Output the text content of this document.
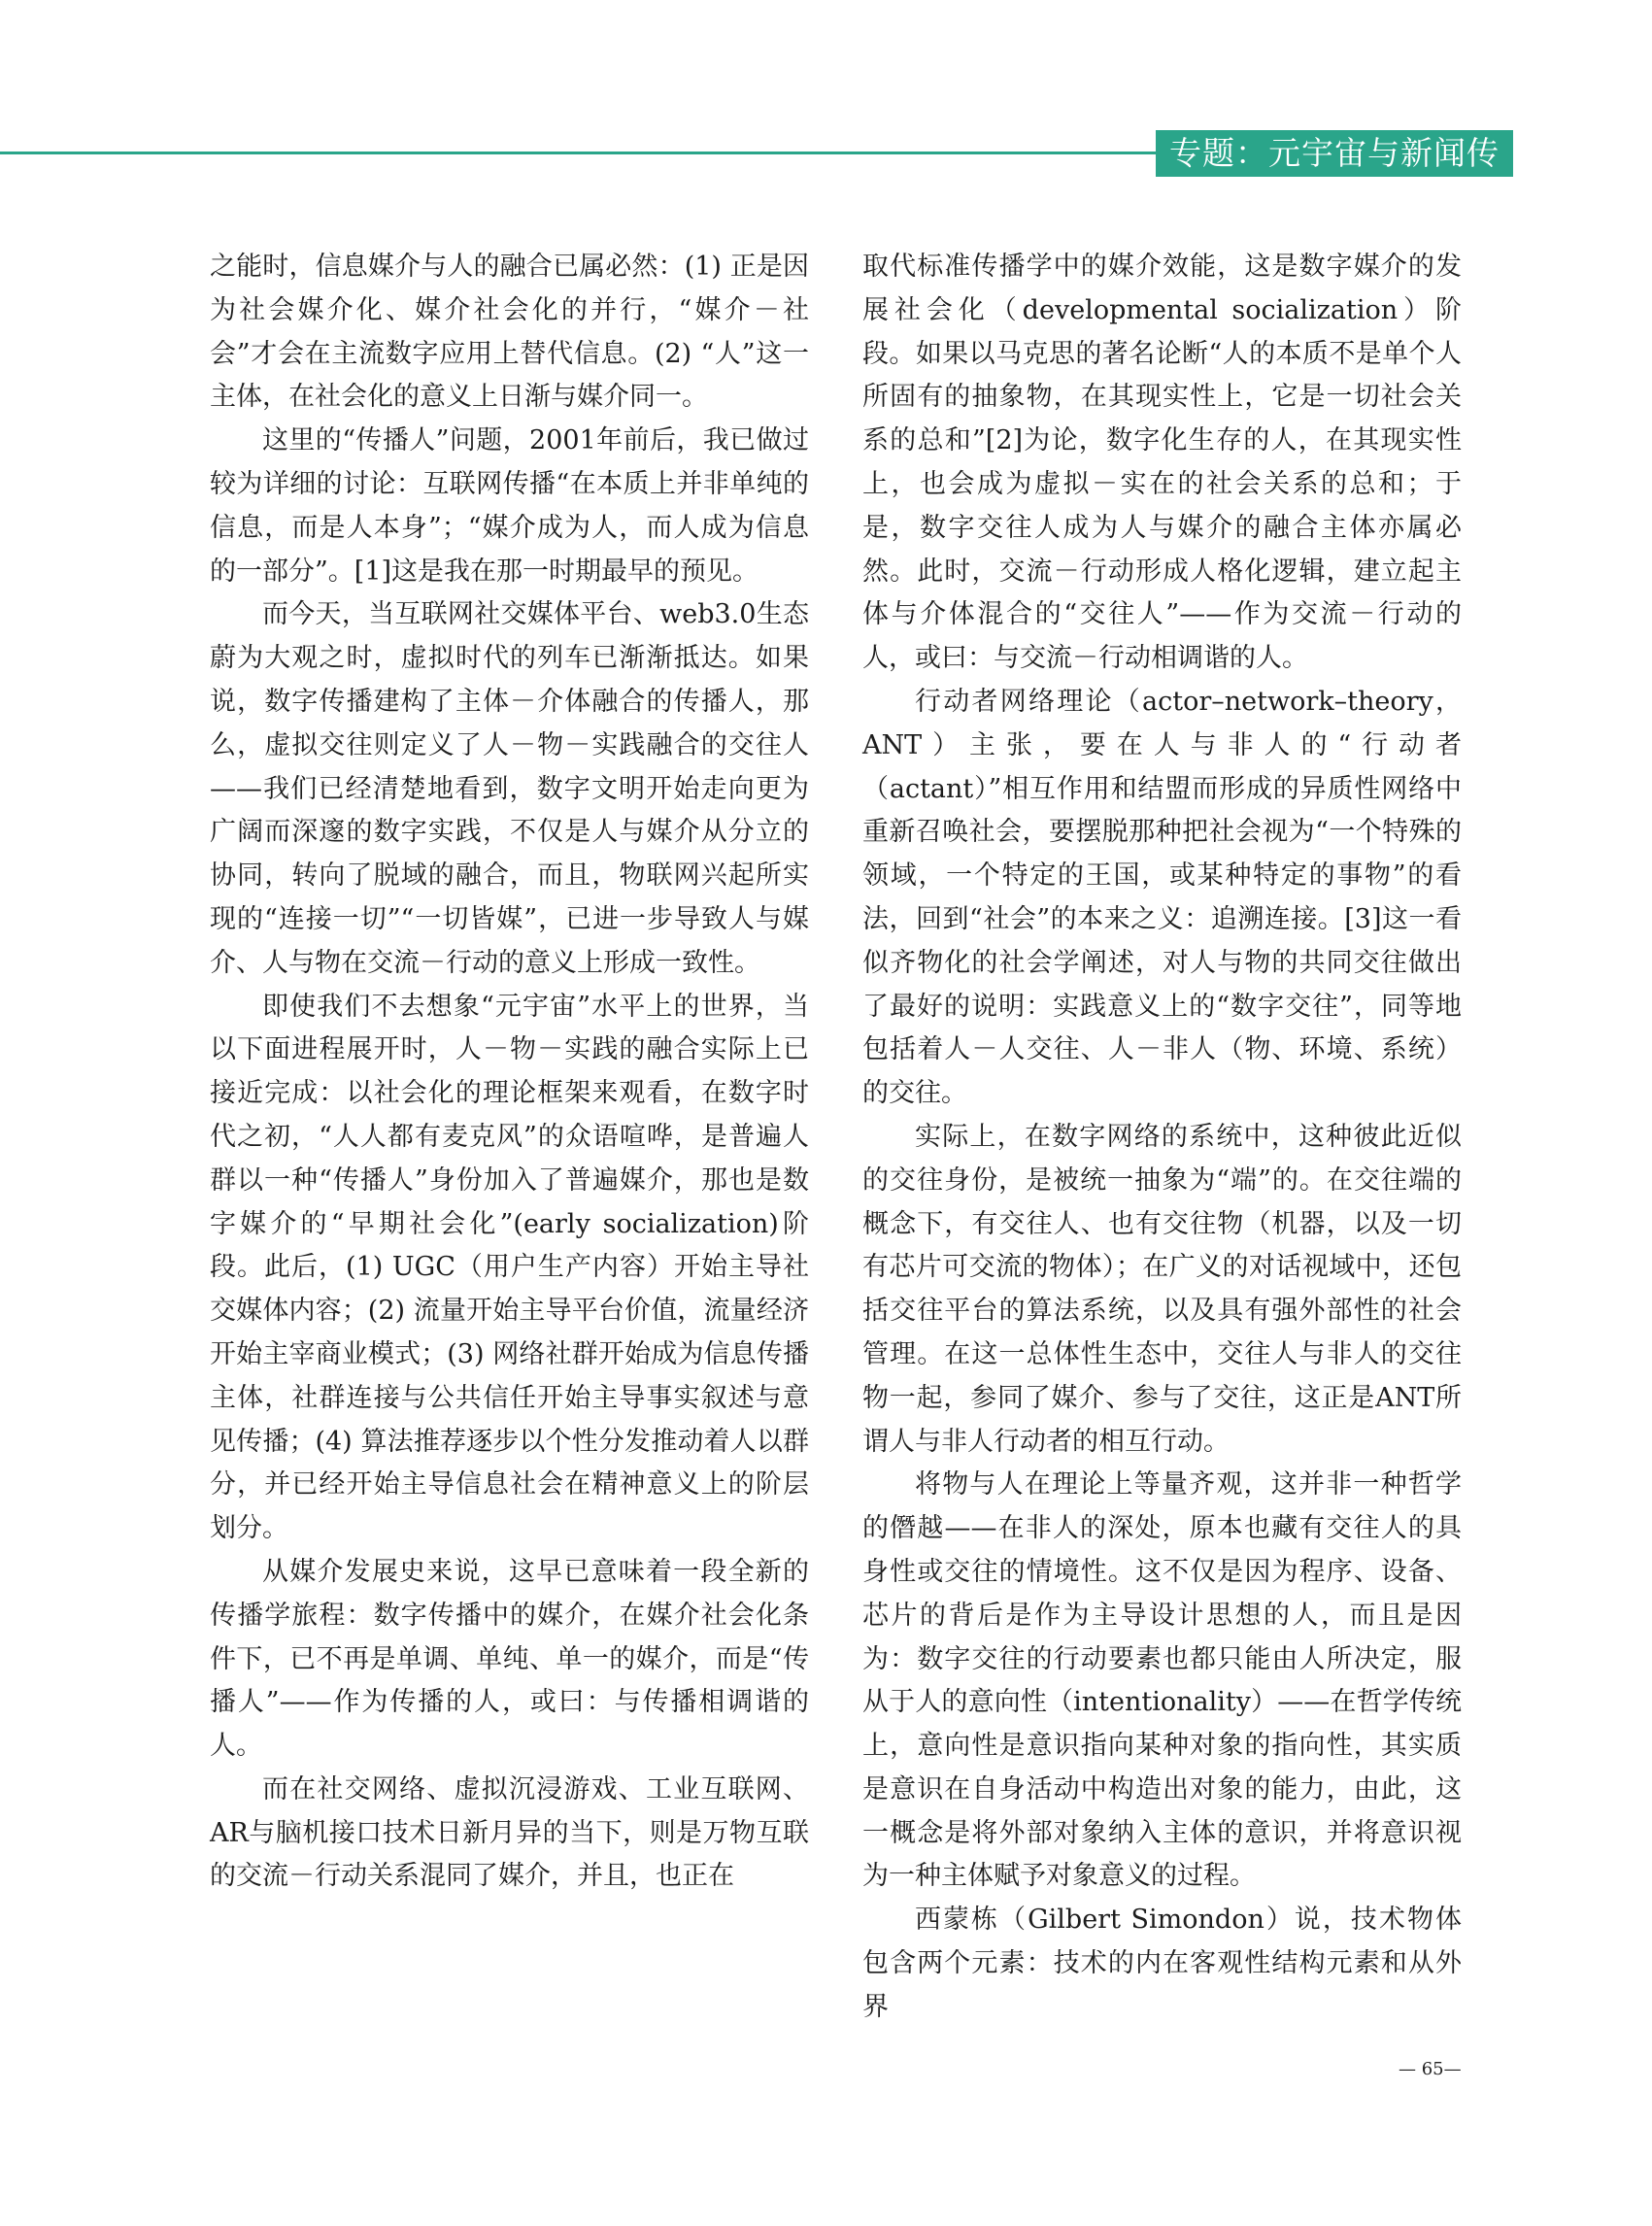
专题：元宇宙与新闻传播

之能时，信息媒介与人的融合已属必然：(1) 正是因为社会媒介化、媒介社会化的并行，“媒介－社会”才会在主流数字应用上替代信息。(2) “人”这一主体，在社会化的意义上日渐与媒介同一。

这里的“传播人”问题，2001年前后，我已做过较为详细的讨论：互联网传播“在本质上并非单纯的信息，而是人本身”；“媒介成为人，而人成为信息的一部分”。[1]这是我在那一时期最早的预见。

而今天，当互联网社交媒体平台、web3.0生态蔚为大观之时，虚拟时代的列车已渐渐抵达。如果说，数字传播建构了主体－介体融合的传播人，那么，虚拟交往则定义了人－物－实践融合的交往人——我们已经清楚地看到，数字文明开始走向更为广阔而深邃的数字实践，不仅是人与媒介从分立的协同，转向了脱域的融合，而且，物联网兴起所实现的“连接一切”“一切皆媒”，已进一步导致人与媒介、人与物在交流－行动的意义上形成一致性。

即使我们不去想象“元宇宙”水平上的世界，当以下面进程展开时，人－物－实践的融合实际上已接近完成：以社会化的理论框架来观看，在数字时代之初，“人人都有麦克风”的众语喧哗，是普遍人群以一种“传播人”身份加入了普遍媒介，那也是数字媒介的“早期社会化”(early socialization)阶段。此后，(1) UGC（用户生产内容）开始主导社交媒体内容；(2) 流量开始主导平台价值，流量经济开始主宰商业模式；(3) 网络社群开始成为信息传播主体，社群连接与公共信任开始主导事实叙述与意见传播；(4) 算法推荐逐步以个性分发推动着人以群分，并已经开始主导信息社会在精神意义上的阶层划分。

从媒介发展史来说，这早已意味着一段全新的传播学旅程：数字传播中的媒介，在媒介社会化条件下，已不再是单调、单纯、单一的媒介，而是“传播人”——作为传播的人，或曰：与传播相调谐的人。

而在社交网络、虚拟沉浸游戏、工业互联网、AR与脑机接口技术日新月异的当下，则是万物互联的交流－行动关系混同了媒介，并且，也正在

取代标准传播学中的媒介效能，这是数字媒介的发展社会化（developmental socialization）阶段。如果以马克思的著名论断“人的本质不是单个人所固有的抽象物，在其现实性上，它是一切社会关系的总和”[2]为论，数字化生存的人，在其现实性上，也会成为虚拟－实在的社会关系的总和；于是，数字交往人成为人与媒介的融合主体亦属必然。此时，交流－行动形成人格化逻辑，建立起主体与介体混合的“交往人”——作为交流－行动的人，或曰：与交流－行动相调谐的人。

行动者网络理论（actor–network–theory，ANT）主张，要在人与非人的“行动者（actant）”相互作用和结盟而形成的异质性网络中重新召唤社会，要摆脱那种把社会视为“一个特殊的领域，一个特定的王国，或某种特定的事物”的看法，回到“社会”的本来之义：追溯连接。[3]这一看似齐物化的社会学阐述，对人与物的共同交往做出了最好的说明：实践意义上的“数字交往”，同等地包括着人－人交往、人－非人（物、环境、系统）的交往。

实际上，在数字网络的系统中，这种彼此近似的交往身份，是被统一抽象为“端”的。在交往端的概念下，有交往人、也有交往物（机器，以及一切有芯片可交流的物体）；在广义的对话视域中，还包括交往平台的算法系统，以及具有强外部性的社会管理。在这一总体性生态中，交往人与非人的交往物一起，参同了媒介、参与了交往，这正是ANT所谓人与非人行动者的相互行动。

将物与人在理论上等量齐观，这并非一种哲学的僭越——在非人的深处，原本也藏有交往人的具身性或交往的情境性。这不仅是因为程序、设备、芯片的背后是作为主导设计思想的人，而且是因为：数字交往的行动要素也都只能由人所决定，服从于人的意向性（intentionality）——在哲学传统上，意向性是意识指向某种对象的指向性，其实质是意识在自身活动中构造出对象的能力，由此，这一概念是将外部对象纳入主体的意识，并将意识视为一种主体赋予对象意义的过程。

西蒙栋（Gilbert Simondon）说，技术物体包含两个元素：技术的内在客观性结构元素和从外界

— 65—
